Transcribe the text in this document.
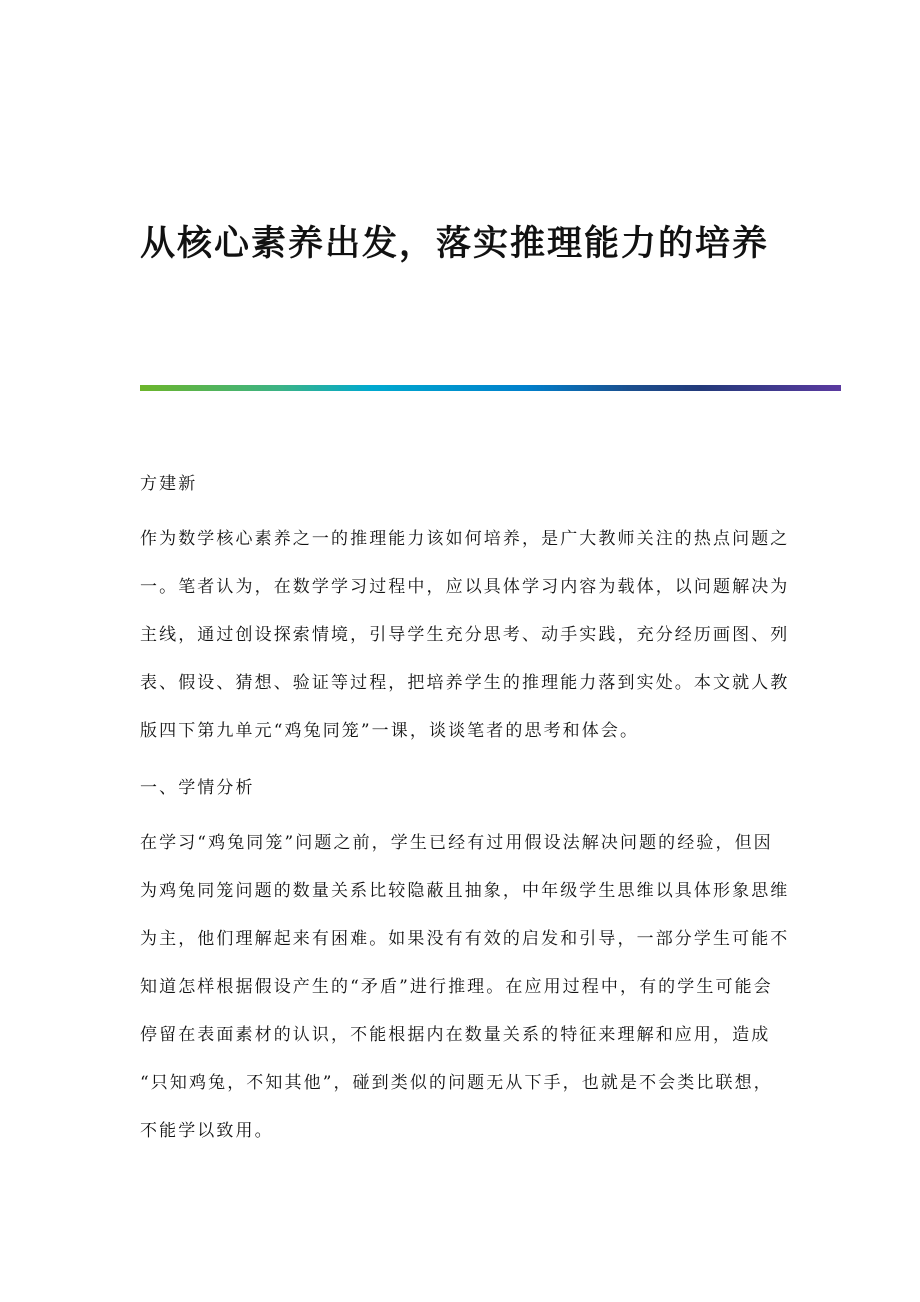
从核心素养出发，落实推理能力的培养
方建新
作为数学核心素养之一的推理能力该如何培养，是广大教师关注的热点问题之
一。笔者认为，在数学学习过程中，应以具体学习内容为载体，以问题解决为
主线，通过创设探索情境，引导学生充分思考、动手实践，充分经历画图、列
表、假设、猜想、验证等过程，把培养学生的推理能力落到实处。本文就人教
版四下第九单元“鸡兔同笼”一课，谈谈笔者的思考和体会。
一、学情分析
在学习“鸡兔同笼”问题之前，学生已经有过用假设法解决问题的经验，但因
为鸡兔同笼问题的数量关系比较隐蔽且抽象，中年级学生思维以具体形象思维
为主，他们理解起来有困难。如果没有有效的启发和引导，一部分学生可能不
知道怎样根据假设产生的“矛盾”进行推理。在应用过程中，有的学生可能会
停留在表面素材的认识，不能根据内在数量关系的特征来理解和应用，造成
“只知鸡兔，不知其他”，碰到类似的问题无从下手，也就是不会类比联想，
不能学以致用。
